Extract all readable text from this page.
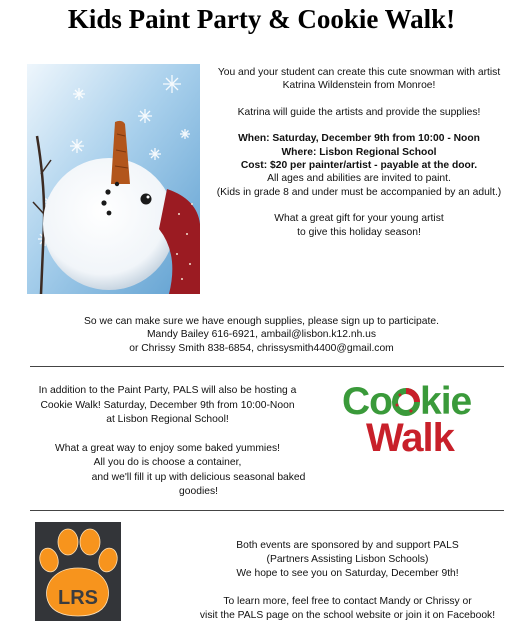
Kids Paint Party & Cookie Walk!

You and your student can create this cute snowman with artist

Katrina Wildenstein from Monroe!

Katrina will guide the artists and provide the supplies!

When: Saturday, December 9th from 10:00 - Noon

Where: Lisbon Regional School

Cost: $20 per painter/artist - payable at the door.

All ages and abilities are invited to paint.

(Kids in grade 8 and under must be accompanied by an adult.)

What a great gift for your young artist

to give this holiday season!

So we can make sure we have enough supplies, please sign up to participate.

Mandy Bailey 616-6921, ambail@lisbon.k12.nh.us

or Chrissy Smith 838-6854, chrissysmith4400@gmail.com

In addition to the Paint Party, PALS will also be hosting a

Cookie Walk! Saturday, December 9th from 10:00-Noon

at Lisbon Regional School!

What a great way to enjoy some baked yummies!

All you do is choose a container,

and we'll fill it up with delicious seasonal baked goodies!

Co kie
Walk
LRS

Both events are sponsored by and support PALS

(Partners Assisting Lisbon Schools)

We hope to see you on Saturday, December 9th!

To learn more, feel free to contact Mandy or Chrissy or

visit the PALS page on the school website or join it on Facebook!
